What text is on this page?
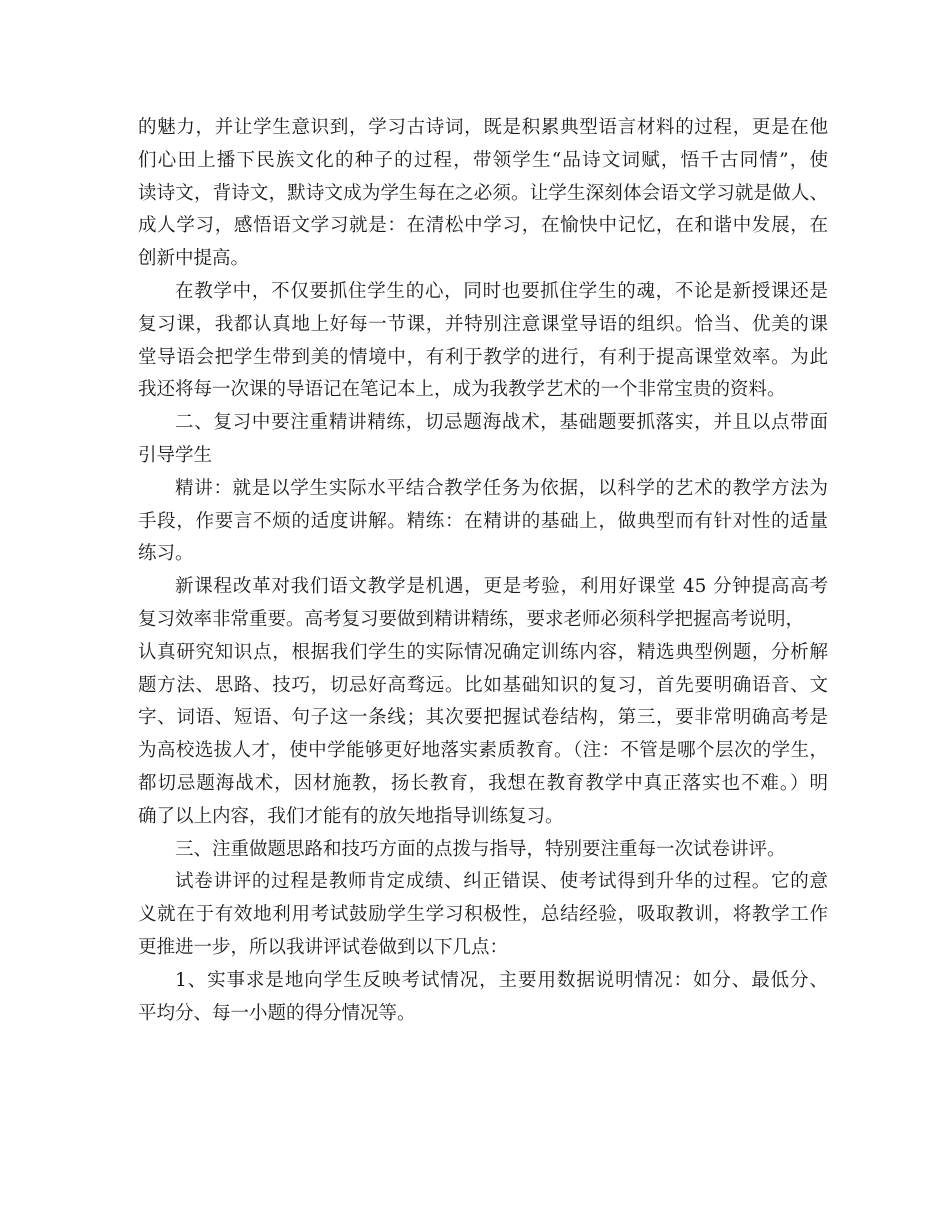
的魅力，并让学生意识到，学习古诗词，既是积累典型语言材料的过程，更是在他
们心田上播下民族文化的种子的过程，带领学生“品诗文词赋，悟千古同情”，使
读诗文，背诗文，默诗文成为学生每在之必须。让学生深刻体会语文学习就是做人、
成人学习，感悟语文学习就是：在清松中学习，在愉快中记忆，在和谐中发展，在
创新中提高。
在教学中，不仅要抓住学生的心，同时也要抓住学生的魂，不论是新授课还是
复习课，我都认真地上好每一节课，并特别注意课堂导语的组织。恰当、优美的课
堂导语会把学生带到美的情境中，有利于教学的进行，有利于提高课堂效率。为此
我还将每一次课的导语记在笔记本上，成为我教学艺术的一个非常宝贵的资料。
二、复习中要注重精讲精练，切忌题海战术，基础题要抓落实，并且以点带面
引导学生
精讲：就是以学生实际水平结合教学任务为依据，以科学的艺术的教学方法为
手段，作要言不烦的适度讲解。精练：在精讲的基础上，做典型而有针对性的适量
练习。
新课程改革对我们语文教学是机遇，更是考验，利用好课堂 45 分钟提高高考
复习效率非常重要。高考复习要做到精讲精练，要求老师必须科学把握高考说明，
认真研究知识点，根据我们学生的实际情况确定训练内容，精选典型例题，分析解
题方法、思路、技巧，切忌好高骛远。比如基础知识的复习，首先要明确语音、文
字、词语、短语、句子这一条线；其次要把握试卷结构，第三，要非常明确高考是
为高校选拔人才，使中学能够更好地落实素质教育。（注：不管是哪个层次的学生，
都切忌题海战术，因材施教，扬长教育，我想在教育教学中真正落实也不难。）明
确了以上内容，我们才能有的放矢地指导训练复习。
三、注重做题思路和技巧方面的点拨与指导，特别要注重每一次试卷讲评。
试卷讲评的过程是教师肯定成绩、纠正错误、使考试得到升华的过程。它的意
义就在于有效地利用考试鼓励学生学习积极性，总结经验，吸取教训，将教学工作
更推进一步，所以我讲评试卷做到以下几点：
1、实事求是地向学生反映考试情况，主要用数据说明情况：如分、最低分、
平均分、每一小题的得分情况等。
